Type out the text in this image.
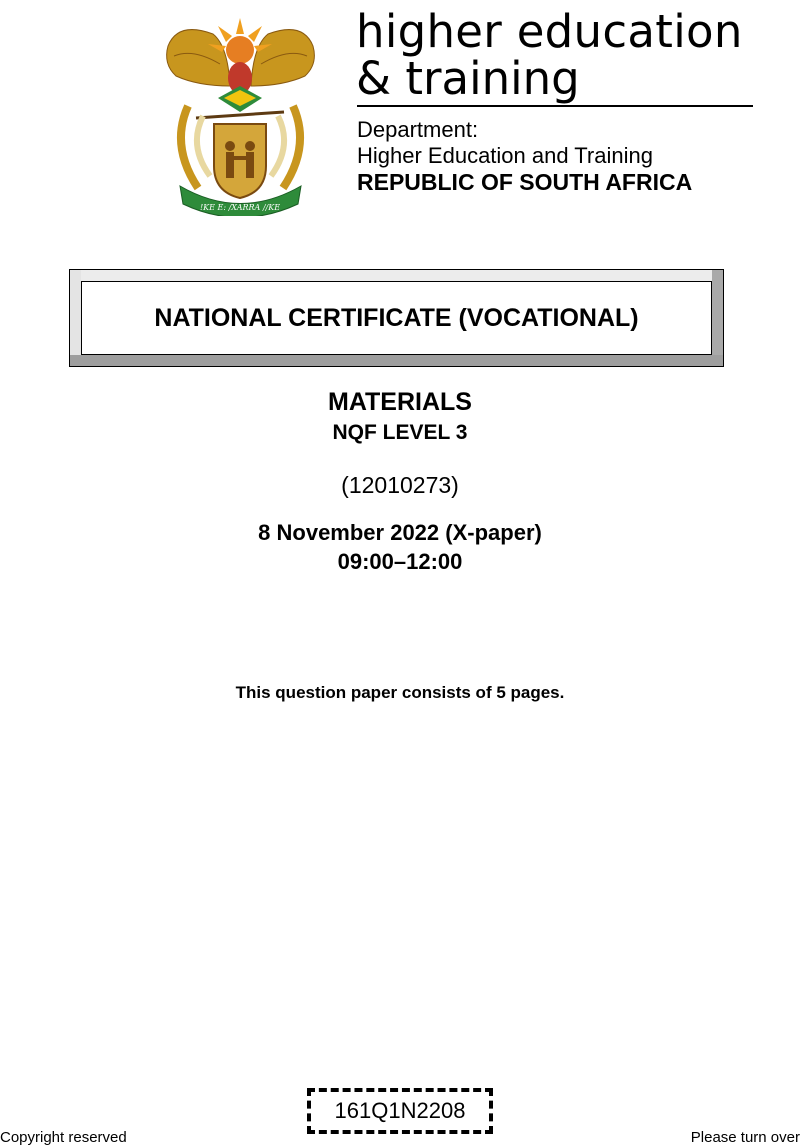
!KE E: /XARRA //KE
higher education
& training
Department:
Higher Education and Training
REPUBLIC OF SOUTH AFRICA
NATIONAL CERTIFICATE (VOCATIONAL)
MATERIALS
NQF LEVEL 3
(12010273)
8 November 2022 (X-paper)
09:00–12:00
This question paper consists of 5 pages.
161Q1N2208
Copyright reserved	Please turn over
